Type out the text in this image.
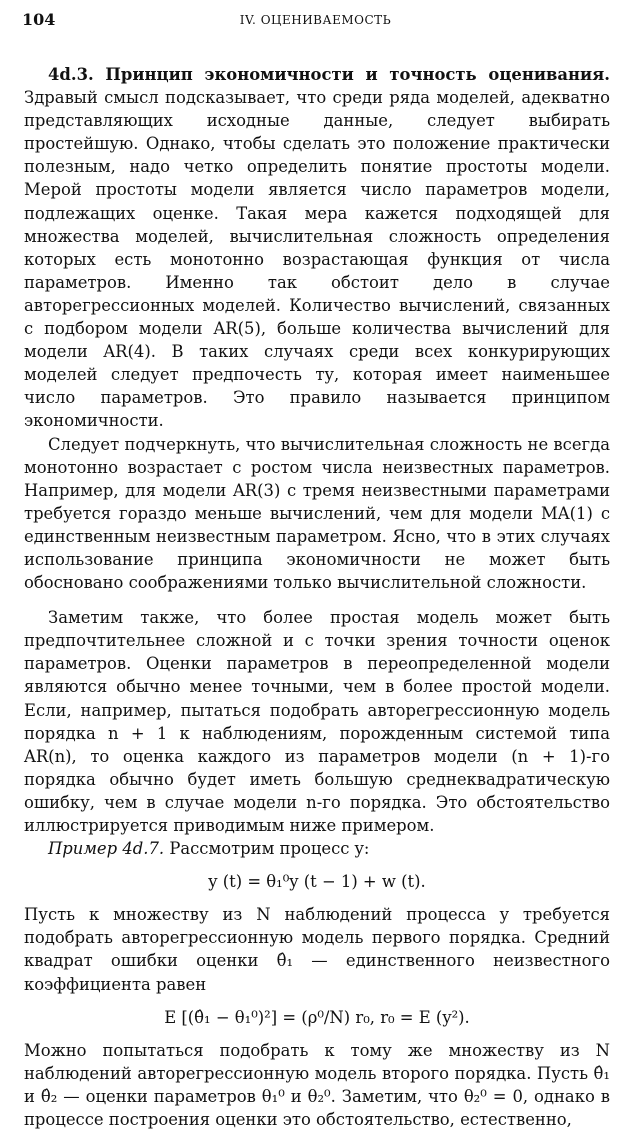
104	IV. ОЦЕНИВАЕМОСТЬ

4d.3. Принцип экономичности и точность оценивания. Здравый смысл подсказывает, что среди ряда моделей, адекватно представляющих исходные данные, следует выбирать простейшую. Однако, чтобы сделать это положение практически полезным, надо четко определить понятие простоты модели. Мерой простоты модели является число параметров модели, подлежащих оценке. Такая мера кажется подходящей для множества моделей, вычислительная сложность определения которых есть монотонно возрастающая функция от числа параметров. Именно так обстоит дело в случае авторегрессионных моделей. Количество вычислений, связанных с подбором модели AR(5), больше количества вычислений для модели AR(4). В таких случаях среди всех конкурирующих моделей следует предпочесть ту, которая имеет наименьшее число параметров. Это правило называется принципом экономичности.

Следует подчеркнуть, что вычислительная сложность не всегда монотонно возрастает с ростом числа неизвестных параметров. Например, для модели AR(3) с тремя неизвестными параметрами требуется гораздо меньше вычислений, чем для модели MA(1) с единственным неизвестным параметром. Ясно, что в этих случаях использование принципа экономичности не может быть обосновано соображениями только вычислительной сложности.

Заметим также, что более простая модель может быть предпочтительнее сложной и с точки зрения точности оценок параметров. Оценки параметров в переопределенной модели являются обычно менее точными, чем в более простой модели. Если, например, пытаться подобрать авторегрессионную модель порядка n + 1 к наблюдениям, порожденным системой типа AR(n), то оценка каждого из параметров модели (n + 1)-го порядка обычно будет иметь большую среднеквадратическую ошибку, чем в случае модели n-го порядка. Это обстоятельство иллюстрируется приводимым ниже примером.

Пример 4d.7. Рассмотрим процесс y:

y (t) = θ₁⁰y (t − 1) + w (t).

Пусть к множеству из N наблюдений процесса y требуется подобрать авторегрессионную модель первого порядка. Средний квадрат ошибки оценки θ̂₁ — единственного неизвестного коэффициента равен

E [(θ̂₁ − θ₁⁰)²] = (ρ⁰/N) r₀, r₀ = E (y²).

Можно попытаться подобрать к тому же множеству из N наблюдений авторегрессионную модель второго порядка. Пусть θ̂₁ и θ̂₂ — оценки параметров θ₁⁰ и θ₂⁰. Заметим, что θ₂⁰ = 0, однако в процессе построения оценки это обстоятельство, естественно,
